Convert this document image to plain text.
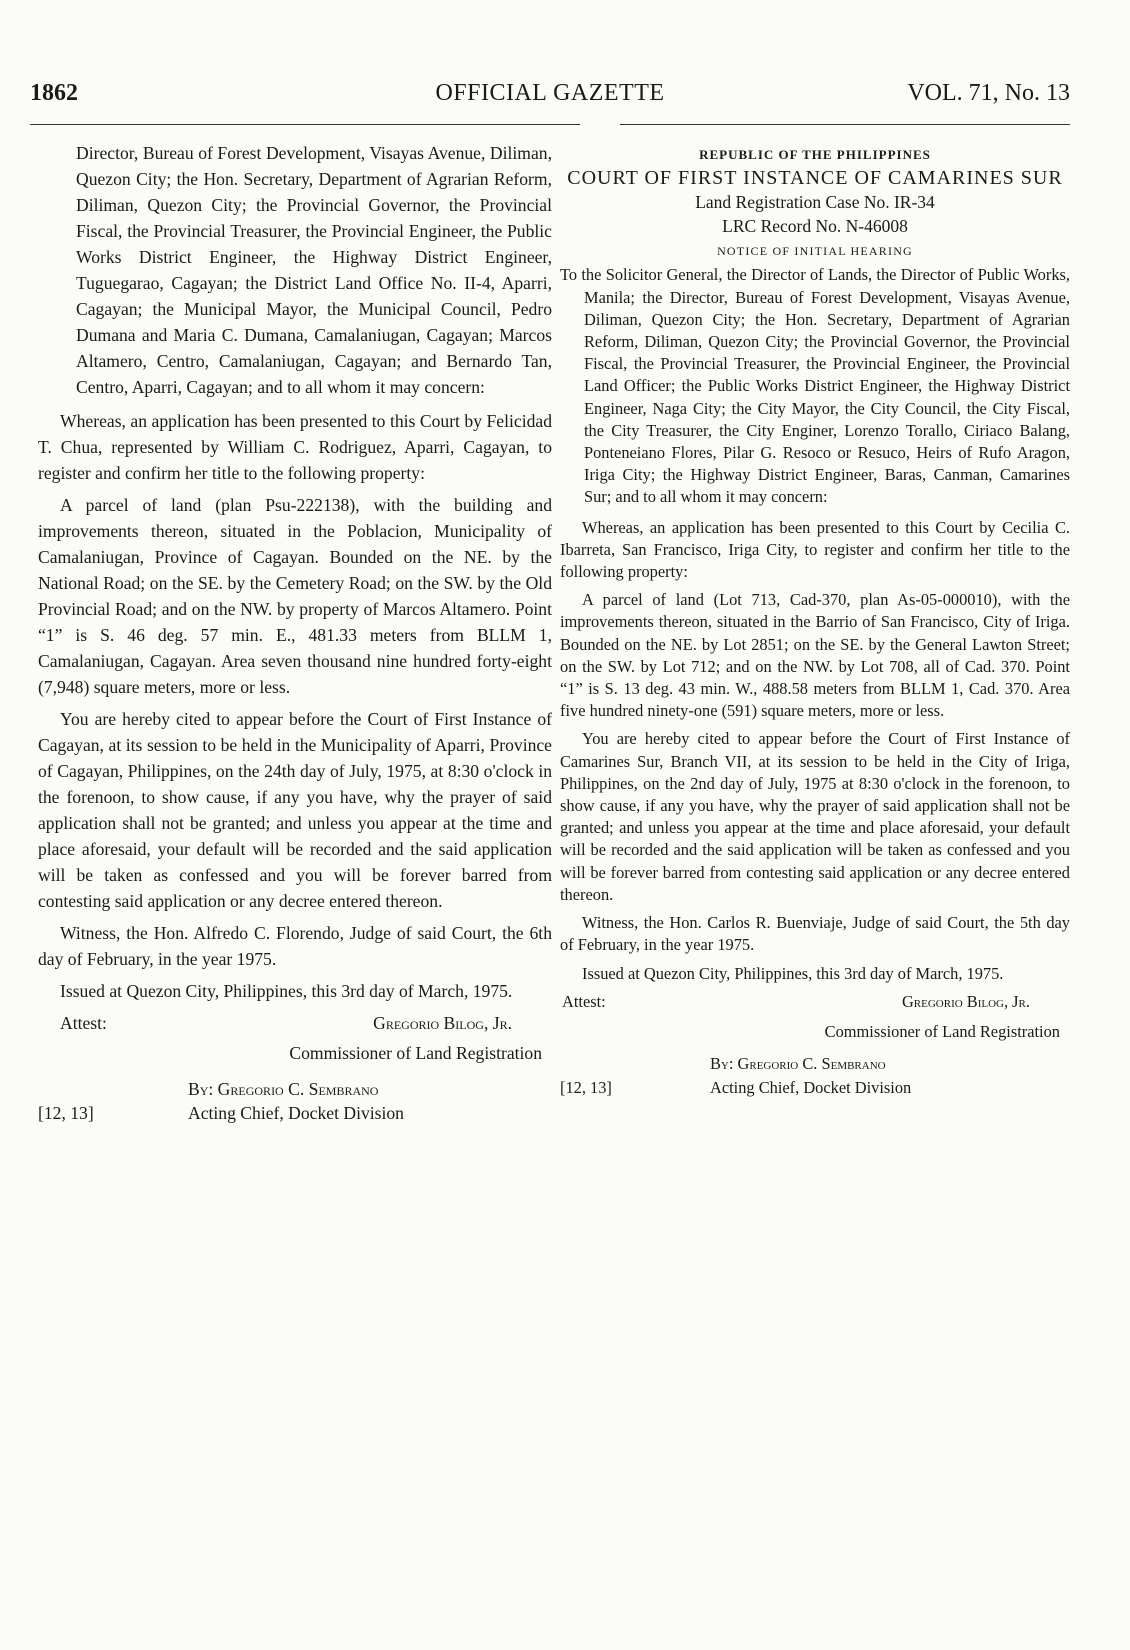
OFFICIAL GAZETTE
1862	VOL. 71, No. 13

Director, Bureau of Forest Development, Visayas Avenue, Diliman, Quezon City; the Hon. Secretary, Department of Agrarian Reform, Diliman, Quezon City; the Provincial Governor, the Provincial Fiscal, the Provincial Treasurer, the Provincial Engineer, the Public Works District Engineer, the Highway District Engineer, Tuguegarao, Cagayan; the District Land Office No. II-4, Aparri, Cagayan; the Municipal Mayor, the Municipal Council, Pedro Dumana and Maria C. Dumana, Camalaniugan, Cagayan; Marcos Altamero, Centro, Camalaniugan, Cagayan; and Bernardo Tan, Centro, Aparri, Cagayan; and to all whom it may concern:

Whereas, an application has been presented to this Court by Felicidad T. Chua, represented by William C. Rodriguez, Aparri, Cagayan, to register and confirm her title to the following property:

A parcel of land (plan Psu-222138), with the building and improvements thereon, situated in the Poblacion, Municipality of Camalaniugan, Province of Cagayan. Bounded on the NE. by the National Road; on the SE. by the Cemetery Road; on the SW. by the Old Provincial Road; and on the NW. by property of Marcos Altamero. Point “1” is S. 46 deg. 57 min. E., 481.33 meters from BLLM 1, Camalaniugan, Cagayan. Area seven thousand nine hundred forty-eight (7,948) square meters, more or less.

You are hereby cited to appear before the Court of First Instance of Cagayan, at its session to be held in the Municipality of Aparri, Province of Cagayan, Philippines, on the 24th day of July, 1975, at 8:30 o'clock in the forenoon, to show cause, if any you have, why the prayer of said application shall not be granted; and unless you appear at the time and place aforesaid, your default will be recorded and the said application will be taken as confessed and you will be forever barred from contesting said application or any decree entered thereon.

Witness, the Hon. Alfredo C. Florendo, Judge of said Court, the 6th day of February, in the year 1975.

Issued at Quezon City, Philippines, this 3rd day of March, 1975.

Attest:	Gregorio Bilog, Jr.
Commissioner of Land Registration
[12, 13]
By: Gregorio C. Sembrano
Acting Chief, Docket Division
REPUBLIC OF THE PHILIPPINES
COURT OF FIRST INSTANCE OF CAMARINES SUR
Land Registration Case No. IR-34
LRC Record No. N-46008
NOTICE OF INITIAL HEARING

To the Solicitor General, the Director of Lands, the Director of Public Works, Manila; the Director, Bureau of Forest Development, Visayas Avenue, Diliman, Quezon City; the Hon. Secretary, Department of Agrarian Reform, Diliman, Quezon City; the Provincial Governor, the Provincial Fiscal, the Provincial Treasurer, the Provincial Engineer, the Provincial Land Officer; the Public Works District Engineer, the Highway District Engineer, Naga City; the City Mayor, the City Council, the City Fiscal, the City Treasurer, the City Enginer, Lorenzo Torallo, Ciriaco Balang, Ponteneiano Flores, Pilar G. Resoco or Resuco, Heirs of Rufo Aragon, Iriga City; the Highway District Engineer, Baras, Canman, Camarines Sur; and to all whom it may concern:

Whereas, an application has been presented to this Court by Cecilia C. Ibarreta, San Francisco, Iriga City, to register and confirm her title to the following property:

A parcel of land (Lot 713, Cad-370, plan As-05-000010), with the improvements thereon, situated in the Barrio of San Francisco, City of Iriga. Bounded on the NE. by Lot 2851; on the SE. by the General Lawton Street; on the SW. by Lot 712; and on the NW. by Lot 708, all of Cad. 370. Point “1” is S. 13 deg. 43 min. W., 488.58 meters from BLLM 1, Cad. 370. Area five hundred ninety-one (591) square meters, more or less.

You are hereby cited to appear before the Court of First Instance of Camarines Sur, Branch VII, at its session to be held in the City of Iriga, Philippines, on the 2nd day of July, 1975 at 8:30 o'clock in the forenoon, to show cause, if any you have, why the prayer of said application shall not be granted; and unless you appear at the time and place aforesaid, your default will be recorded and the said application will be taken as confessed and you will be forever barred from contesting said application or any decree entered thereon.

Witness, the Hon. Carlos R. Buenviaje, Judge of said Court, the 5th day of February, in the year 1975.

Issued at Quezon City, Philippines, this 3rd day of March, 1975.

Attest:	Gregorio Bilog, Jr.
Commissioner of Land Registration
[12, 13]
By: Gregorio C. Sembrano
Acting Chief, Docket Division
